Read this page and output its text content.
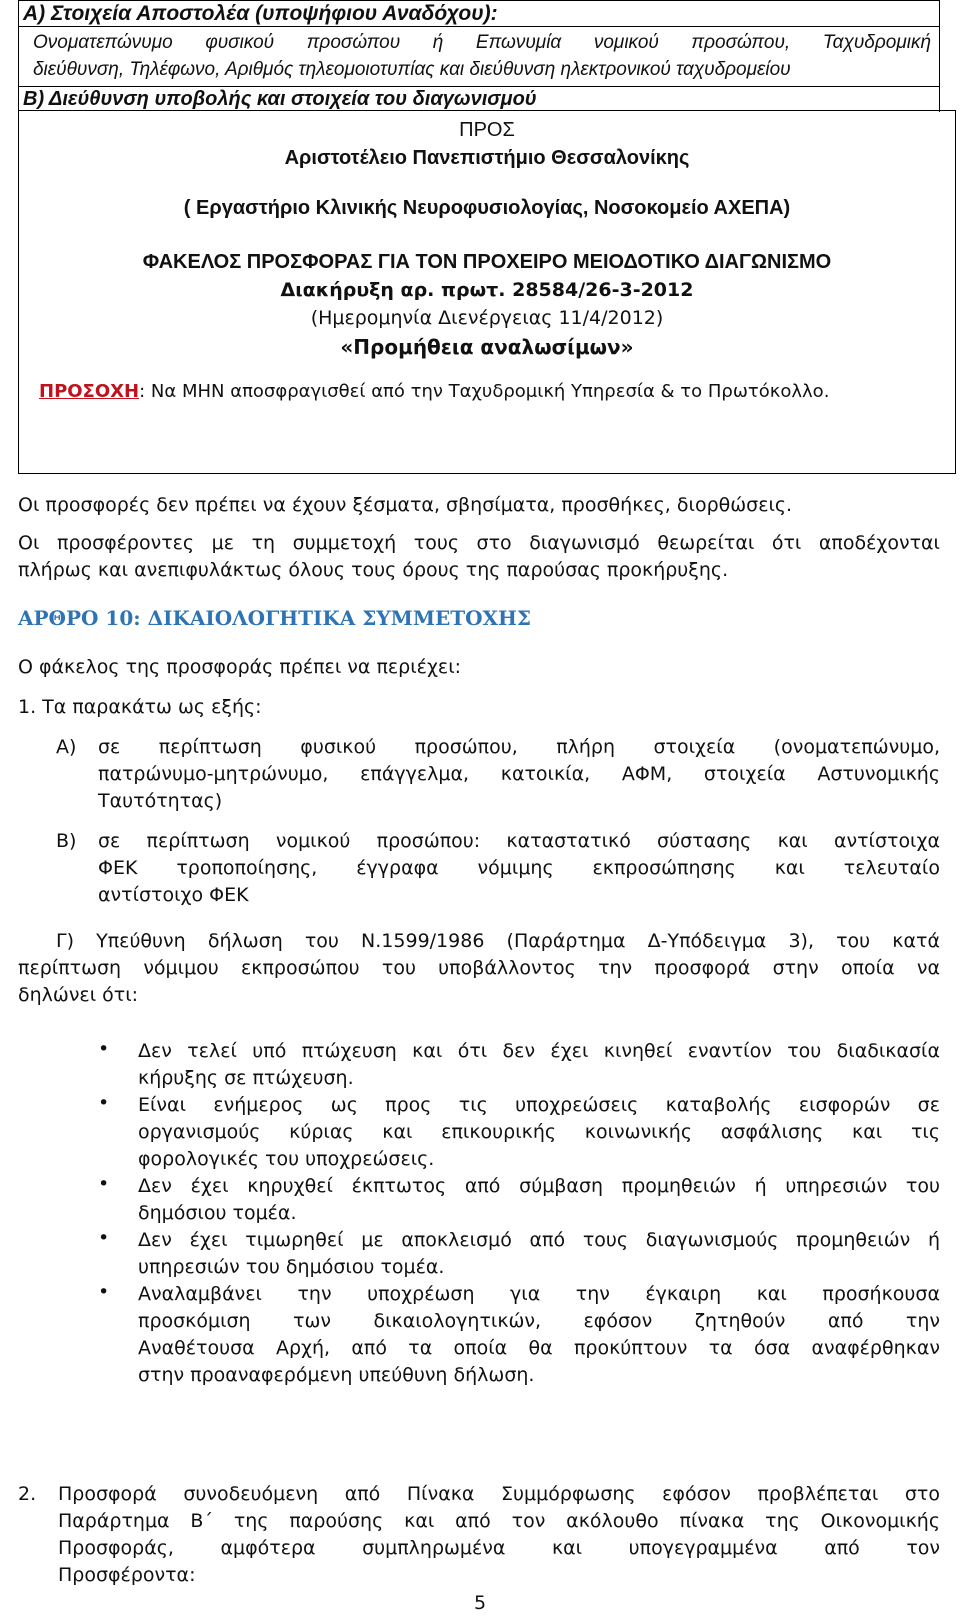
Α) Στοιχεία Αποστολέα (υποψήφιου Αναδόχου):
Ονοματεπώνυμο φυσικού προσώπου ή Επωνυμία νομικού προσώπου, Ταχυδρομική
διεύθυνση, Τηλέφωνο, Αριθμός τηλεομοιοτυπίας και διεύθυνση ηλεκτρονικού ταχυδρομείου
Β) Διεύθυνση υποβολής και στοιχεία του διαγωνισμού
ΠΡΟΣ
Αριστοτέλειο Πανεπιστήμιο Θεσσαλονίκης
( Εργαστήριο Κλινικής Νευροφυσιολογίας, Νοσοκομείο ΑΧΕΠΑ)
ΦΑΚΕΛΟΣ ΠΡΟΣΦΟΡΑΣ ΓΙΑ ΤΟΝ ΠΡΟΧΕΙΡΟ ΜΕΙΟΔΟΤΙΚΟ ΔΙΑΓΩΝΙΣΜΟ
Διακήρυξη αρ. πρωτ. 28584/26-3-2012
(Ημερομηνία Διενέργειας 11/4/2012)
«Προμήθεια αναλωσίμων»
ΠΡΟΣΟΧΗ: Να ΜΗΝ αποσφραγισθεί από την Ταχυδρομική Υπηρεσία & το Πρωτόκολλο.
Οι προσφορές δεν πρέπει να έχουν ξέσματα, σβησίματα, προσθήκες, διορθώσεις.
Οι προσφέροντες με τη συμμετοχή τους στο διαγωνισμό θεωρείται ότι αποδέχονται
πλήρως και ανεπιφυλάκτως όλους τους όρους της παρούσας προκήρυξης.
ΑΡΘΡΟ 10: ΔΙΚΑΙΟΛΟΓΗΤΙΚΑ ΣΥΜΜΕΤΟΧΗΣ
Ο φάκελος της προσφοράς πρέπει να περιέχει:
1. Τα παρακάτω ως εξής:
Α)	σε περίπτωση φυσικού προσώπου, πλήρη στοιχεία (ονοματεπώνυμο,
πατρώνυμο-μητρώνυμο, επάγγελμα, κατοικία, ΑΦΜ, στοιχεία Αστυνομικής
Ταυτότητας)
Β)	σε περίπτωση νομικού προσώπου: καταστατικό σύστασης και αντίστοιχα
ΦΕΚ τροποποίησης, έγγραφα νόμιμης εκπροσώπησης και τελευταίο
αντίστοιχο ΦΕΚ
Γ) Υπεύθυνη δήλωση του Ν.1599/1986 (Παράρτημα Δ-Υπόδειγμα 3), του κατά
περίπτωση νόμιμου εκπροσώπου του υποβάλλοντος την προσφορά στην οποία να
δηλώνει ότι:
• Δεν τελεί υπό πτώχευση και ότι δεν έχει κινηθεί εναντίον του διαδικασία
κήρυξης σε πτώχευση.
• Είναι ενήμερος ως προς τις υποχρεώσεις καταβολής εισφορών σε
οργανισμούς κύριας και επικουρικής κοινωνικής ασφάλισης και τις
φορολογικές του υποχρεώσεις.
• Δεν έχει κηρυχθεί έκπτωτος από σύμβαση προμηθειών ή υπηρεσιών του
δημόσιου τομέα.
• Δεν έχει τιμωρηθεί με αποκλεισμό από τους διαγωνισμούς προμηθειών ή
υπηρεσιών του δημόσιου τομέα.
• Αναλαμβάνει την υποχρέωση για την έγκαιρη και προσήκουσα
προσκόμιση των δικαιολογητικών, εφόσον ζητηθούν από την
Αναθέτουσα Αρχή, από τα οποία θα προκύπτουν τα όσα αναφέρθηκαν
στην προαναφερόμενη υπεύθυνη δήλωση.
2.	Προσφορά συνοδευόμενη από Πίνακα Συμμόρφωσης εφόσον προβλέπεται στο
Παράρτημα Β΄ της παρούσης και από τον ακόλουθο πίνακα της Οικονομικής
Προσφοράς, αμφότερα συμπληρωμένα και υπογεγραμμένα από τον
Προσφέροντα:
5
